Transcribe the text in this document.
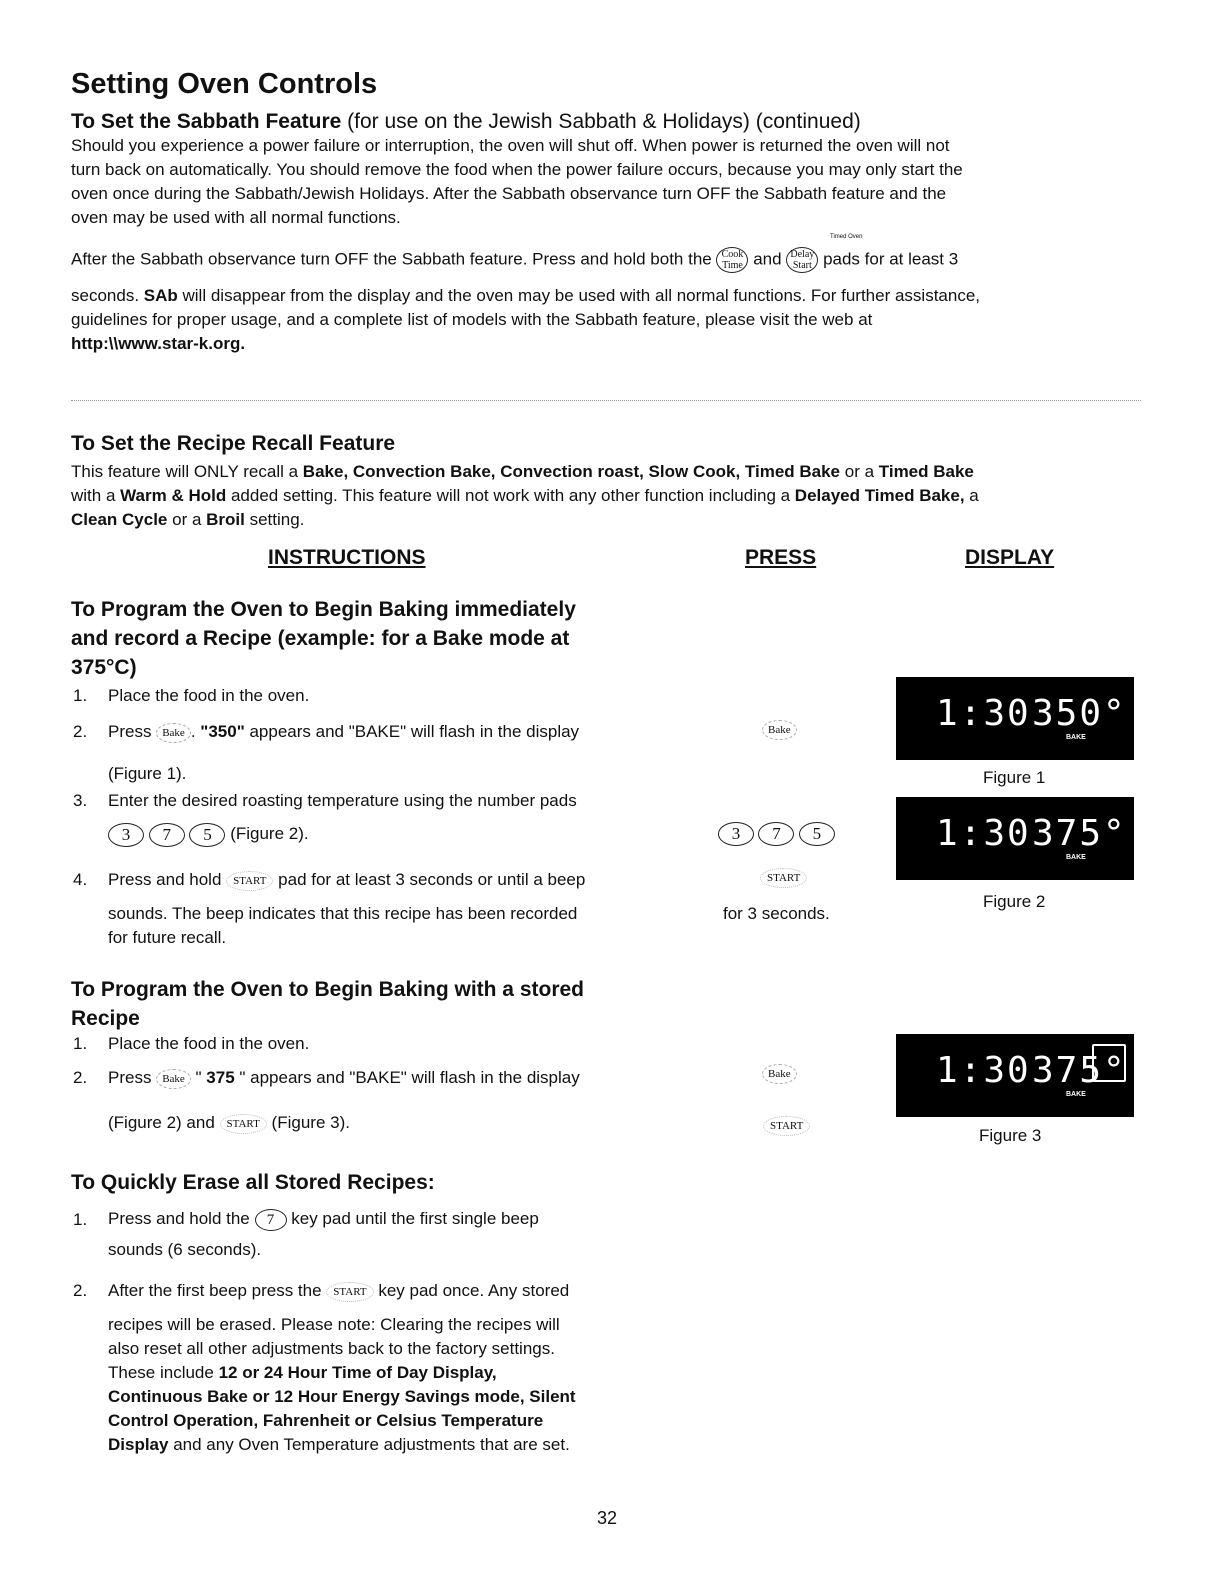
Setting Oven Controls
To Set the Sabbath Feature (for use on the Jewish Sabbath & Holidays) (continued)
Should you experience a power failure or interruption, the oven will shut off. When power is returned the oven will not
turn back on automatically. You should remove the food when the power failure occurs, because you may only start the
oven once during the Sabbath/Jewish Holidays. After the Sabbath observance turn OFF the Sabbath feature and the
oven may be used with all normal functions.
Timed Oven
After the Sabbath observance turn OFF the Sabbath feature. Press and hold both the Cook Time and Delay Start pads for at least 3
seconds. SAb will disappear from the display and the oven may be used with all normal functions. For further assistance,
guidelines for proper usage, and a complete list of models with the Sabbath feature, please visit the web at
http:\\www.star-k.org.
To Set the Recipe Recall Feature
This feature will ONLY recall a Bake, Convection Bake, Convection roast, Slow Cook, Timed Bake or a Timed Bake
with a Warm & Hold added setting. This feature will not work with any other function including a Delayed Timed Bake, a
Clean Cycle or a Broil setting.
INSTRUCTIONS	PRESS	DISPLAY
To Program the Oven to Begin Baking immediately
and record a Recipe (example: for a Bake mode at
375°C)
1. Place the food in the oven.
2. Press Bake . "350" appears and "BAKE" will flash in the display
(Figure 1).
3. Enter the desired roasting temperature using the number pads
3 7 5 (Figure 2).
4. Press and hold START pad for at least 3 seconds or until a beep
sounds. The beep indicates that this recipe has been recorded
for future recall.
Bake
3 7 5
START
for 3 seconds.
1:30 350°
BAKE
Figure 1
1:30 375°
BAKE
Figure 2
To Program the Oven to Begin Baking with a stored
Recipe
1. Place the food in the oven.
2. Press Bake " 375 " appears and "BAKE" will flash in the display
(Figure 2) and START (Figure 3).
Bake
START
1:30 375°
BAKE
Figure 3
To Quickly Erase all Stored Recipes:
1. Press and hold the 7 key pad until the first single beep
sounds (6 seconds).
2. After the first beep press the START key pad once. Any stored
recipes will be erased. Please note: Clearing the recipes will
also reset all other adjustments back to the factory settings.
These include 12 or 24 Hour Time of Day Display,
Continuous Bake or 12 Hour Energy Savings mode, Silent
Control Operation, Fahrenheit or Celsius Temperature
Display and any Oven Temperature adjustments that are set.
32
